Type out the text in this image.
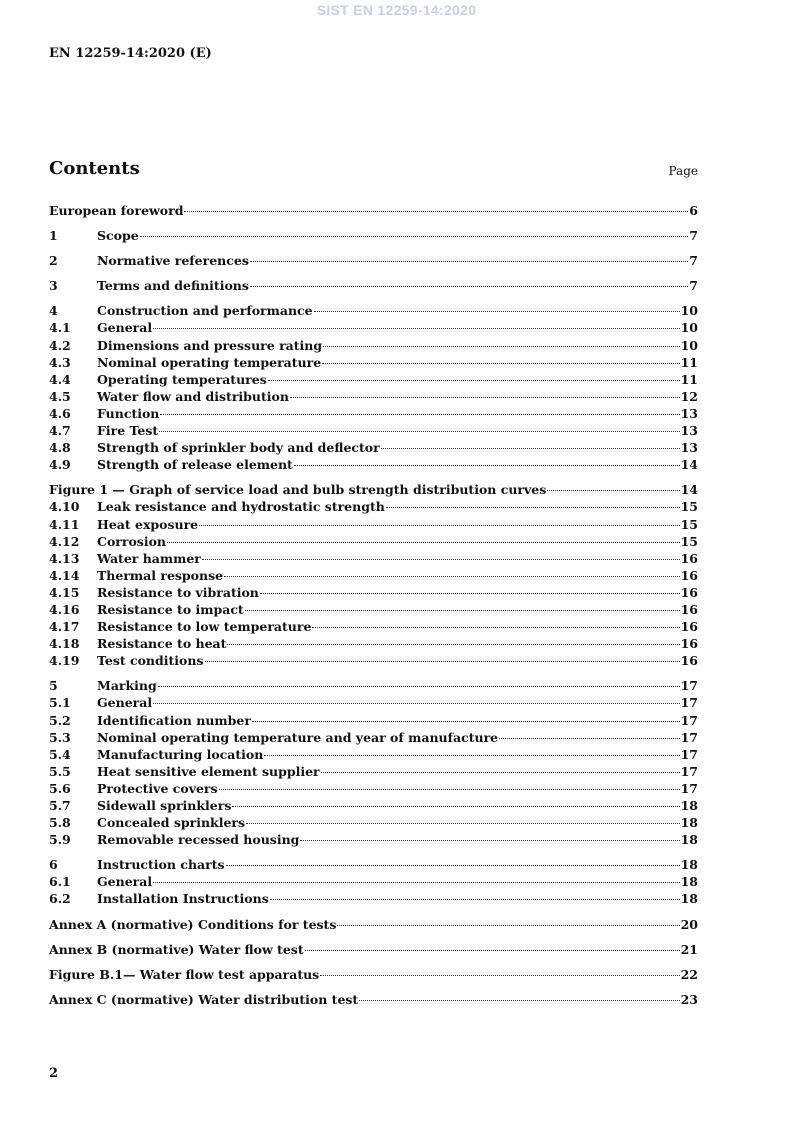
SIST EN 12259-14:2020
EN 12259-14:2020 (E)
Contents	Page
European foreword	6
1	Scope	7
2	Normative references	7
3	Terms and definitions	7
4	Construction and performance	10
4.1	General	10
4.2	Dimensions and pressure rating	10
4.3	Nominal operating temperature	11
4.4	Operating temperatures	11
4.5	Water flow and distribution	12
4.6	Function	13
4.7	Fire Test	13
4.8	Strength of sprinkler body and deflector	13
4.9	Strength of release element	14
Figure 1 — Graph of service load and bulb strength distribution curves	14
4.10	Leak resistance and hydrostatic strength	15
4.11	Heat exposure	15
4.12	Corrosion	15
4.13	Water hammer	16
4.14	Thermal response	16
4.15	Resistance to vibration	16
4.16	Resistance to impact	16
4.17	Resistance to low temperature	16
4.18	Resistance to heat	16
4.19	Test conditions	16
5	Marking	17
5.1	General	17
5.2	Identification number	17
5.3	Nominal operating temperature and year of manufacture	17
5.4	Manufacturing location	17
5.5	Heat sensitive element supplier	17
5.6	Protective covers	17
5.7	Sidewall sprinklers	18
5.8	Concealed sprinklers	18
5.9	Removable recessed housing	18
6	Instruction charts	18
6.1	General	18
6.2	Installation Instructions	18
Annex A (normative) Conditions for tests	20
Annex B (normative) Water flow test	21
Figure B.1— Water flow test apparatus	22
Annex C (normative) Water distribution test	23
2
